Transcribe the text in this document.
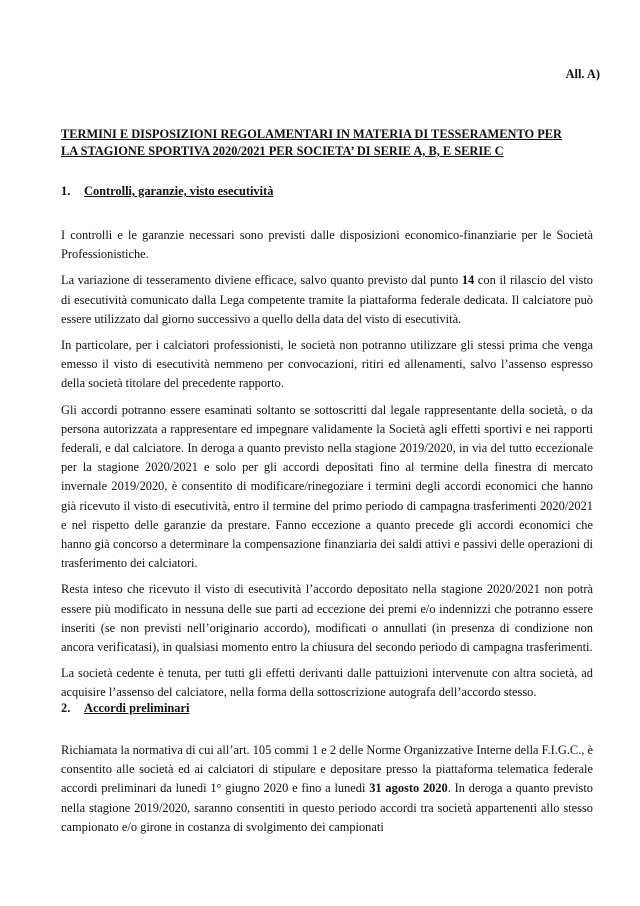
All. A)
TERMINI E DISPOSIZIONI REGOLAMENTARI IN MATERIA DI TESSERAMENTO PER
LA STAGIONE SPORTIVA 2020/2021 PER SOCIETA’ DI SERIE A, B, E SERIE C
1. Controlli, garanzie, visto esecutività

I controlli e le garanzie necessari sono previsti dalle disposizioni economico-finanziarie per le Società Professionistiche.

La variazione di tesseramento diviene efficace, salvo quanto previsto dal punto 14 con il rilascio del visto di esecutività comunicato dalla Lega competente tramite la piattaforma federale dedicata. Il calciatore può essere utilizzato dal giorno successivo a quello della data del visto di esecutività.

In particolare, per i calciatori professionisti, le società non potranno utilizzare gli stessi prima che venga emesso il visto di esecutività nemmeno per convocazioni, ritiri ed allenamenti, salvo l’assenso espresso della società titolare del precedente rapporto.

Gli accordi potranno essere esaminati soltanto se sottoscritti dal legale rappresentante della società, o da persona autorizzata a rappresentare ed impegnare validamente la Società agli effetti sportivi e nei rapporti federali, e dal calciatore. In deroga a quanto previsto nella stagione 2019/2020, in via del tutto eccezionale per la stagione 2020/2021 e solo per gli accordi depositati fino al termine della finestra di mercato invernale 2019/2020, è consentito di modificare/rinegoziare i termini degli accordi economici che hanno già ricevuto il visto di esecutività, entro il termine del primo periodo di campagna trasferimenti 2020/2021 e nel rispetto delle garanzie da prestare. Fanno eccezione a quanto precede gli accordi economici che hanno già concorso a determinare la compensazione finanziaria dei saldi attivi e passivi delle operazioni di trasferimento dei calciatori.

Resta inteso che ricevuto il visto di esecutività l’accordo depositato nella stagione 2020/2021 non potrà essere più modificato in nessuna delle sue parti ad eccezione dei premi e/o indennizzi che potranno essere inseriti (se non previsti nell’originario accordo), modificati o annullati (in presenza di condizione non ancora verificatasi), in qualsiasi momento entro la chiusura del secondo periodo di campagna trasferimenti.

La società cedente è tenuta, per tutti gli effetti derivanti dalle pattuizioni intervenute con altra società, ad acquisire l’assenso del calciatore, nella forma della sottoscrizione autografa dell’accordo stesso.

2. Accordi preliminari

Richiamata la normativa di cui all’art. 105 commi 1 e 2 delle Norme Organizzative Interne della F.I.G.C., è consentito alle società ed ai calciatori di stipulare e depositare presso la piattaforma telematica federale accordi preliminari da lunedì 1° giugno 2020 e fino a lunedì 31 agosto 2020. In deroga a quanto previsto nella stagione 2019/2020, saranno consentiti in questo periodo accordi tra società appartenenti allo stesso campionato e/o girone in costanza di svolgimento dei campionati
